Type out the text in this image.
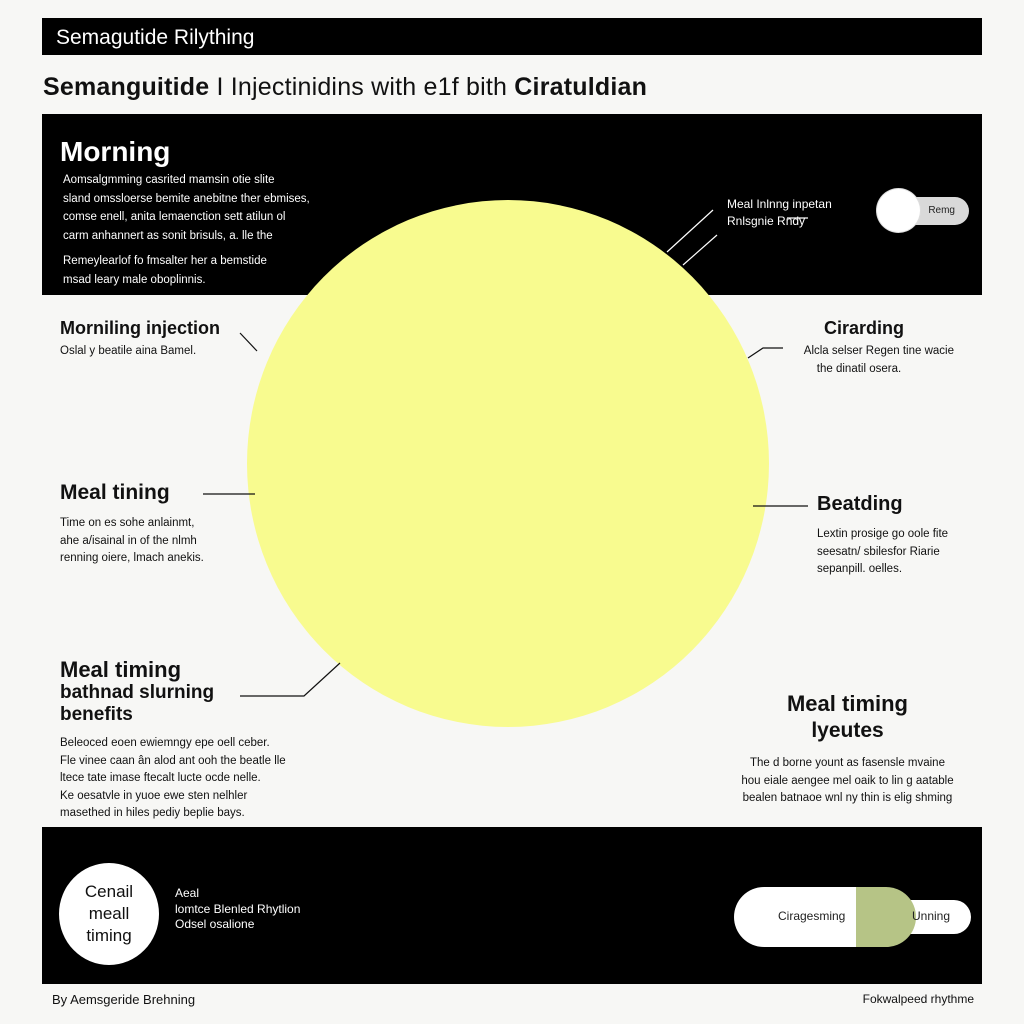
Semagutide Rilything
Semanguitide I Injectinidins with e1f bith Ciratuldian
Morning

Aomsalgmming casrited mamsin otie slite

sland omssloerse bemite anebitne ther ebmises,

comse enell, anita lemaenction sett atilun ol

carm anhannert as sonit brisuls, a. lle the

Remeylearlof fo fmsalter her a bemstide

msad leary male oboplinnis.

Meal Inlnng inpetan
Rnlsgnie Rndy
Remg
Morniling injection
Oslal y beatile aina Bamel.
Cirarding

Alcla selser Regen tine wacie

the dinatil osera.

Meal tining

Time on es sohe anlainmt,

ahe a/isainal in of the nlmh

renning oiere, lmach anekis.

Beatding

Lextin prosige go oole fite

seesatn/ sbilesfor Riarie

sepanpill. oelles.

Meal timing
bathnad slurning
benefits

Beleoced eoen ewiemngy epe oell ceber.

Fle vinee caan ân alod ant ooh the beatle lle

ltece tate imase ftecalt lucte ocde nelle.

Ke oesatvle in yuoe ewe sten nelhler

masethed in hiles pediy beplie bays.

Meal timing
lyeutes

The d borne yount as fasensle mvaine

hou eiale aengee mel oaik to lin g aatable

bealen batnaoe wnl ny thin is elig shming

Cenail
meall
timing
Aeal
lomtce Blenled Rhytlion
Odsel osalione
Ciragesming	Unning
By Aemsgeride Brehning	Fokwalpeed rhythme
